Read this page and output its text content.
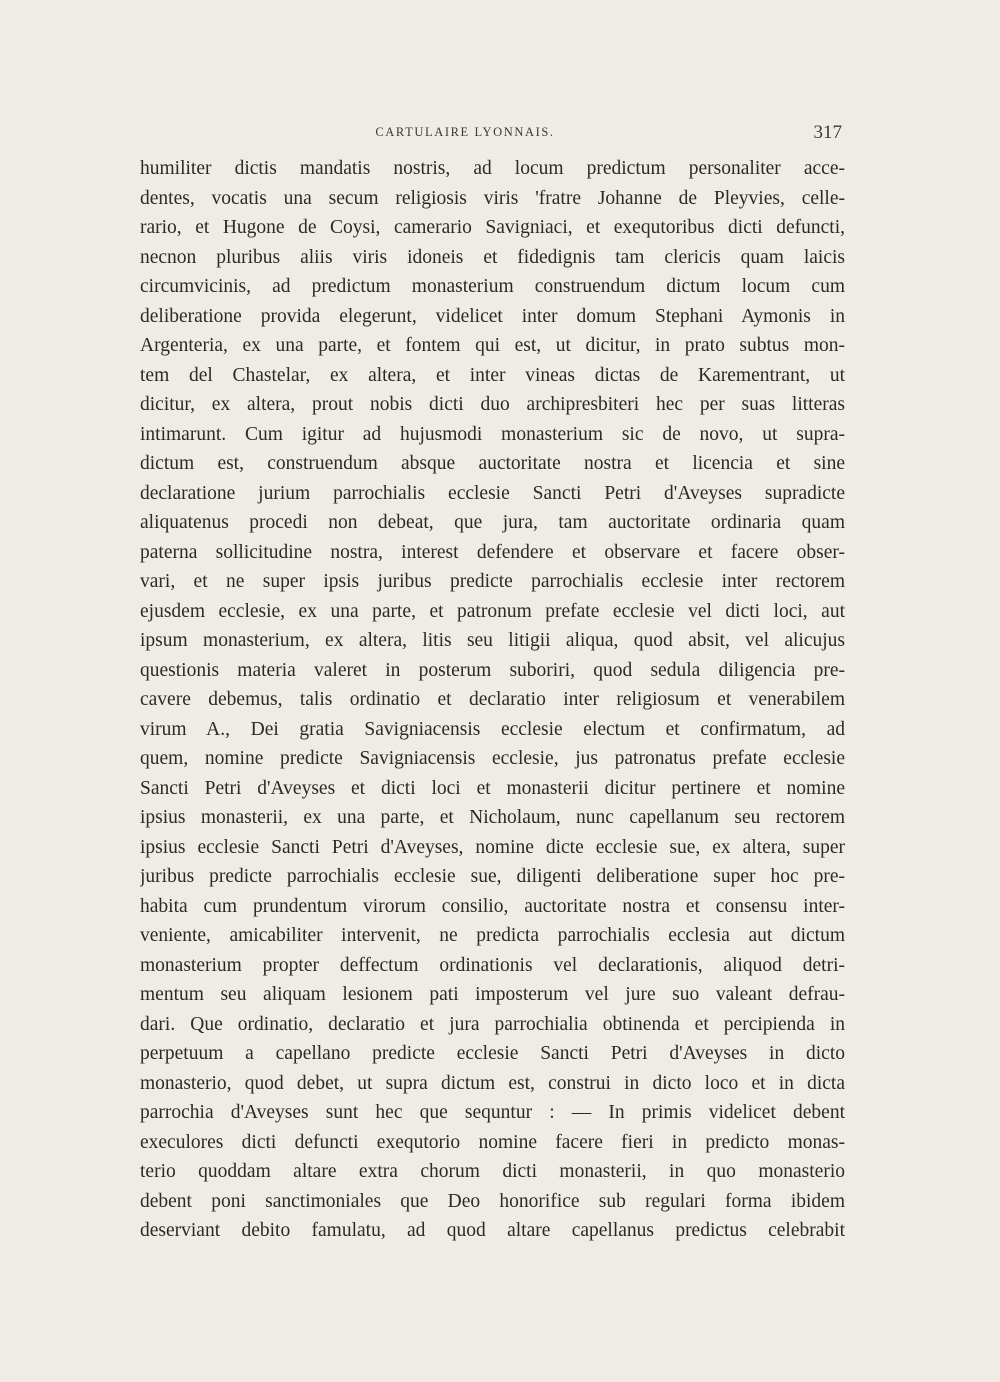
CARTULAIRE LYONNAIS.	317
humiliter dictis mandatis nostris, ad locum predictum personaliter acce-
dentes, vocatis una secum religiosis viris 'fratre Johanne de Pleyvies, celle-
rario, et Hugone de Coysi, camerario Savigniaci, et exequtoribus dicti defuncti,
necnon pluribus aliis viris idoneis et fidedignis tam clericis quam laicis
circumvicinis, ad predictum monasterium construendum dictum locum cum
deliberatione provida elegerunt, videlicet inter domum Stephani Aymonis in
Argenteria, ex una parte, et fontem qui est, ut dicitur, in prato subtus mon-
tem del Chastelar, ex altera, et inter vineas dictas de Karementrant, ut
dicitur, ex altera, prout nobis dicti duo archipresbiteri hec per suas litteras
intimarunt. Cum igitur ad hujusmodi monasterium sic de novo, ut supra-
dictum est, construendum absque auctoritate nostra et licencia et sine
declaratione jurium parrochialis ecclesie Sancti Petri d'Aveyses supradicte
aliquatenus procedi non debeat, que jura, tam auctoritate ordinaria quam
paterna sollicitudine nostra, interest defendere et observare et facere obser-
vari, et ne super ipsis juribus predicte parrochialis ecclesie inter rectorem
ejusdem ecclesie, ex una parte, et patronum prefate ecclesie vel dicti loci, aut
ipsum monasterium, ex altera, litis seu litigii aliqua, quod absit, vel alicujus
questionis materia valeret in posterum suboriri, quod sedula diligencia pre-
cavere debemus, talis ordinatio et declaratio inter religiosum et venerabilem
virum A., Dei gratia Savigniacensis ecclesie electum et confirmatum, ad
quem, nomine predicte Savigniacensis ecclesie, jus patronatus prefate ecclesie
Sancti Petri d'Aveyses et dicti loci et monasterii dicitur pertinere et nomine
ipsius monasterii, ex una parte, et Nicholaum, nunc capellanum seu rectorem
ipsius ecclesie Sancti Petri d'Aveyses, nomine dicte ecclesie sue, ex altera, super
juribus predicte parrochialis ecclesie sue, diligenti deliberatione super hoc pre-
habita cum prundentum virorum consilio, auctoritate nostra et consensu inter-
veniente, amicabiliter intervenit, ne predicta parrochialis ecclesia aut dictum
monasterium propter deffectum ordinationis vel declarationis, aliquod detri-
mentum seu aliquam lesionem pati imposterum vel jure suo valeant defrau-
dari. Que ordinatio, declaratio et jura parrochialia obtinenda et percipienda in
perpetuum a capellano predicte ecclesie Sancti Petri d'Aveyses in dicto
monasterio, quod debet, ut supra dictum est, construi in dicto loco et in dicta
parrochia d'Aveyses sunt hec que sequntur : — In primis videlicet debent
execulores dicti defuncti exequtorio nomine facere fieri in predicto monas-
terio quoddam altare extra chorum dicti monasterii, in quo monasterio
debent poni sanctimoniales que Deo honorifice sub regulari forma ibidem
deserviant debito famulatu, ad quod altare capellanus predictus celebrabit
